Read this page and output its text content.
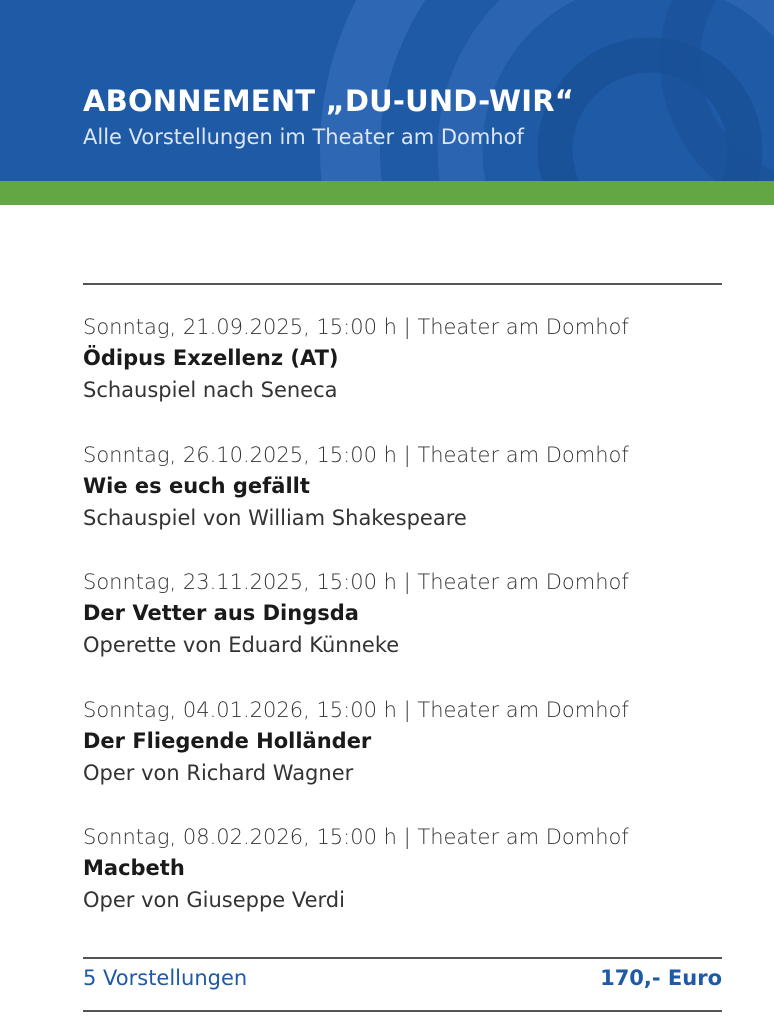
ABONNEMENT „DU-UND-WIR“
Alle Vorstellungen im Theater am Domhof
Sonntag, 21.09.2025, 15:00 h | Theater am Domhof
Ödipus Exzellenz (AT)
Schauspiel nach Seneca
Sonntag, 26.10.2025, 15:00 h | Theater am Domhof
Wie es euch gefällt
Schauspiel von William Shakespeare
Sonntag, 23.11.2025, 15:00 h | Theater am Domhof
Der Vetter aus Dingsda
Operette von Eduard Künneke
Sonntag, 04.01.2026, 15:00 h | Theater am Domhof
Der Fliegende Holländer
Oper von Richard Wagner
Sonntag, 08.02.2026, 15:00 h | Theater am Domhof
Macbeth
Oper von Giuseppe Verdi
5 Vorstellungen	170,- Euro
